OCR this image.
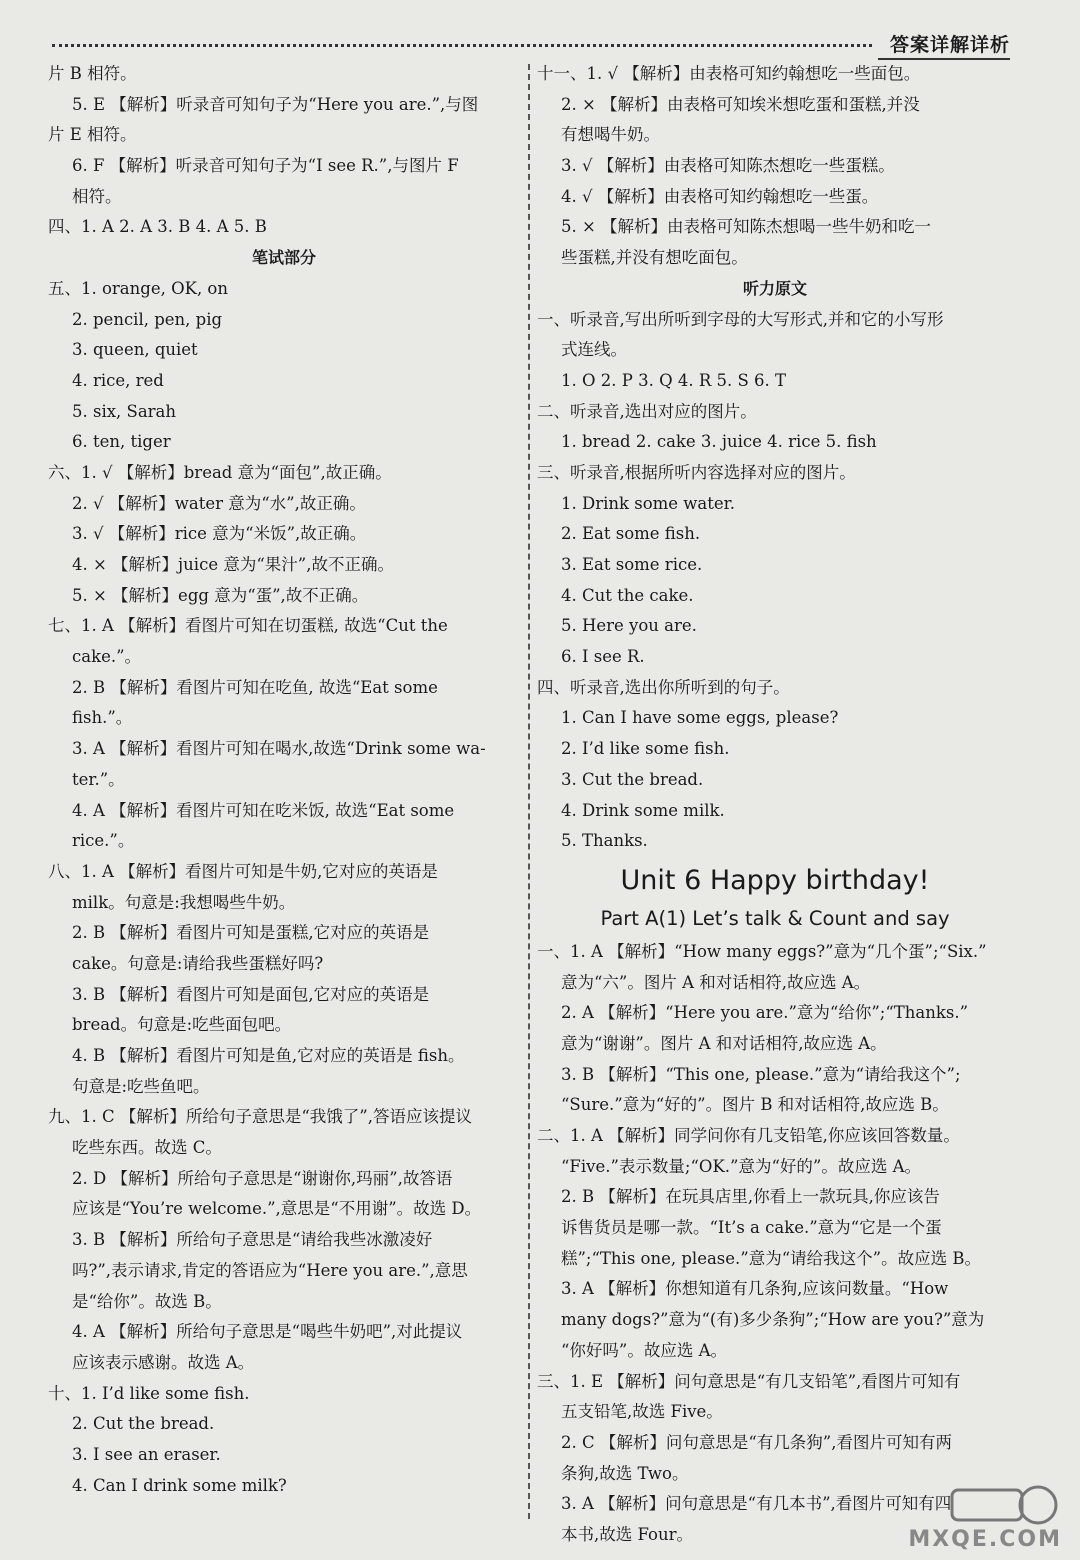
答案详解详析
片 B 相符。
5. E 【解析】听录音可知句子为“Here you are.”,与图
片 E 相符。
6. F 【解析】听录音可知句子为“I see R.”,与图片 F
相符。
四、1. A 2. A 3. B 4. A 5. B
笔试部分
五、1. orange, OK, on
2. pencil, pen, pig
3. queen, quiet
4. rice, red
5. six, Sarah
6. ten, tiger
六、1. √ 【解析】bread 意为“面包”,故正确。
2. √ 【解析】water 意为“水”,故正确。
3. √ 【解析】rice 意为“米饭”,故正确。
4. × 【解析】juice 意为“果汁”,故不正确。
5. × 【解析】egg 意为“蛋”,故不正确。
七、1. A 【解析】看图片可知在切蛋糕, 故选“Cut the
cake.”。
2. B 【解析】看图片可知在吃鱼, 故选“Eat some
fish.”。
3. A 【解析】看图片可知在喝水,故选“Drink some wa-
ter.”。
4. A 【解析】看图片可知在吃米饭, 故选“Eat some
rice.”。
八、1. A 【解析】看图片可知是牛奶,它对应的英语是
milk。句意是:我想喝些牛奶。
2. B 【解析】看图片可知是蛋糕,它对应的英语是
cake。句意是:请给我些蛋糕好吗?
3. B 【解析】看图片可知是面包,它对应的英语是
bread。句意是:吃些面包吧。
4. B 【解析】看图片可知是鱼,它对应的英语是 fish。
句意是:吃些鱼吧。
九、1. C 【解析】所给句子意思是“我饿了”,答语应该提议
吃些东西。故选 C。
2. D 【解析】所给句子意思是“谢谢你,玛丽”,故答语
应该是“You’re welcome.”,意思是“不用谢”。故选 D。
3. B 【解析】所给句子意思是“请给我些冰激凌好
吗?”,表示请求,肯定的答语应为“Here you are.”,意思
是“给你”。故选 B。
4. A 【解析】所给句子意思是“喝些牛奶吧”,对此提议
应该表示感谢。故选 A。
十、1. I’d like some fish.
2. Cut the bread.
3. I see an eraser.
4. Can I drink some milk?
十一、1. √ 【解析】由表格可知约翰想吃一些面包。
2. × 【解析】由表格可知埃米想吃蛋和蛋糕,并没
有想喝牛奶。
3. √ 【解析】由表格可知陈杰想吃一些蛋糕。
4. √ 【解析】由表格可知约翰想吃一些蛋。
5. × 【解析】由表格可知陈杰想喝一些牛奶和吃一
些蛋糕,并没有想吃面包。
听力原文
一、听录音,写出所听到字母的大写形式,并和它的小写形
式连线。
1. O 2. P 3. Q 4. R 5. S 6. T
二、听录音,选出对应的图片。
1. bread 2. cake 3. juice 4. rice 5. fish
三、听录音,根据所听内容选择对应的图片。
1. Drink some water.
2. Eat some fish.
3. Eat some rice.
4. Cut the cake.
5. Here you are.
6. I see R.
四、听录音,选出你所听到的句子。
1. Can I have some eggs, please?
2. I’d like some fish.
3. Cut the bread.
4. Drink some milk.
5. Thanks.
Unit 6 Happy birthday!
Part A(1) Let’s talk & Count and say
一、1. A 【解析】“How many eggs?”意为“几个蛋”;“Six.”
意为“六”。图片 A 和对话相符,故应选 A。
2. A 【解析】“Here you are.”意为“给你”;“Thanks.”
意为“谢谢”。图片 A 和对话相符,故应选 A。
3. B 【解析】“This one, please.”意为“请给我这个”;
“Sure.”意为“好的”。图片 B 和对话相符,故应选 B。
二、1. A 【解析】同学问你有几支铅笔,你应该回答数量。
“Five.”表示数量;“OK.”意为“好的”。故应选 A。
2. B 【解析】在玩具店里,你看上一款玩具,你应该告
诉售货员是哪一款。“It’s a cake.”意为“它是一个蛋
糕”;“This one, please.”意为“请给我这个”。故应选 B。
3. A 【解析】你想知道有几条狗,应该问数量。“How
many dogs?”意为“(有)多少条狗”;“How are you?”意为
“你好吗”。故应选 A。
三、1. E 【解析】问句意思是“有几支铅笔”,看图片可知有
五支铅笔,故选 Five。
2. C 【解析】问句意思是“有几条狗”,看图片可知有两
条狗,故选 Two。
3. A 【解析】问句意思是“有几本书”,看图片可知有四
本书,故选 Four。	MXQE.COM
